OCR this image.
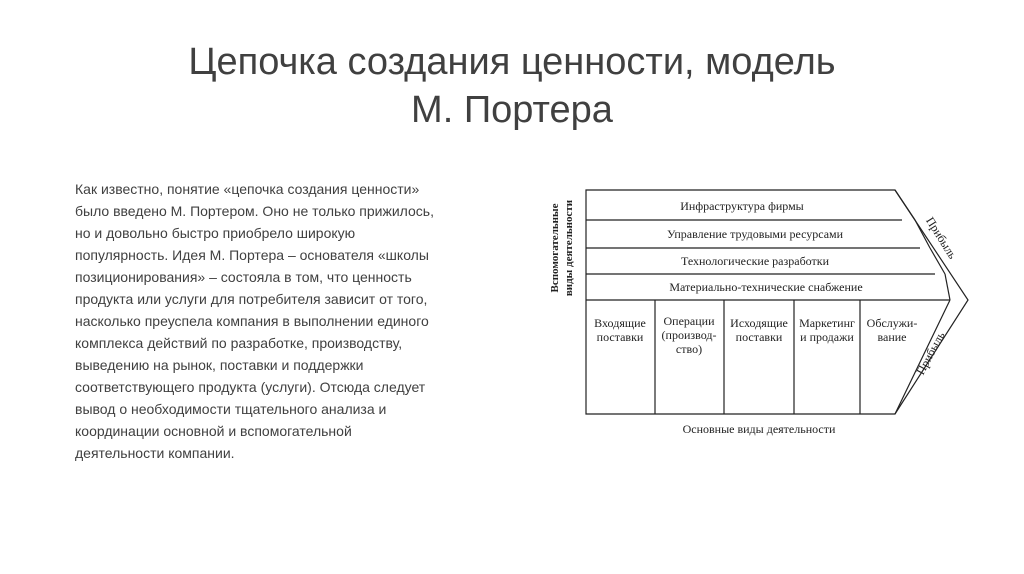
Цепочка создания ценности, модель
М. Портера
Как известно, понятие «цепочка создания ценности»
было введено М. Портером. Оно не только прижилось,
но и довольно быстро приобрело широкую
популярность. Идея М. Портера – основателя «школы
позиционирования» – состояла в том, что ценность
продукта или услуги для потребителя зависит от того,
насколько преуспела компания в выполнении единого
комплекса действий по разработке, производству,
выведению на рынок, поставки и поддержки
соответствующего продукта (услуги). Отсюда следует
вывод о необходимости тщательного анализа и
координации основной и вспомогательной
деятельности компании.
Вспомогательные виды деятельности	Инфраструктура фирмы
Управление трудовыми ресурсами
Технологические разработки
Материально-технические снабжение
Входящие
поставки
Операции
(производ-
ство)
Исходящие
поставки
Маркетинг
и продажи
Обслужи-
вание
Прибыль
Прибыль
Основные виды деятельности
